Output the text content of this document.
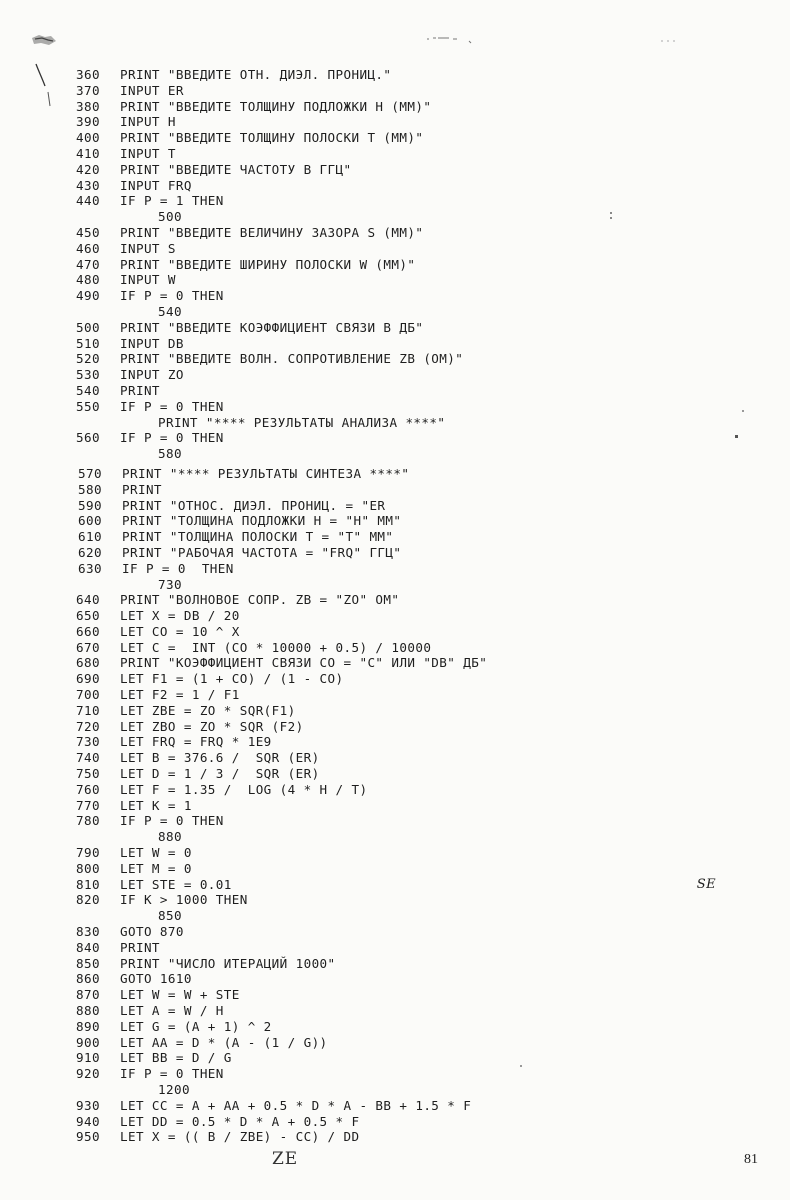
360	PRINT "ВВЕДИТЕ ОТН. ДИЭЛ. ПРОНИЦ."
370	INPUT ER
380	PRINT "ВВЕДИТЕ ТОЛЩИНУ ПОДЛОЖКИ H (MM)"
390	INPUT H
400	PRINT "ВВЕДИТЕ ТОЛЩИНУ ПОЛОСКИ T (MM)"
410	INPUT T
420	PRINT "ВВЕДИТЕ ЧАСТОТУ В ГГЦ"
430	INPUT FRQ
440	IF P = 1 THEN
500
450	PRINT "ВВЕДИТЕ ВЕЛИЧИНУ ЗАЗОРА S (MM)"
460	INPUT S
470	PRINT "ВВЕДИТЕ ШИРИНУ ПОЛОСКИ W (MM)"
480	INPUT W
490	IF P = 0 THEN
540
500	PRINT "ВВЕДИТЕ КОЭФФИЦИЕНТ СВЯЗИ В ДБ"
510	INPUT DB
520	PRINT "ВВЕДИТЕ ВОЛН. СОПРОТИВЛЕНИЕ ZB (ОМ)"
530	INPUT ZO
540	PRINT
550	IF P = 0 THEN
PRINT "**** РЕЗУЛЬТАТЫ АНАЛИЗА ****"
560	IF P = 0 THEN
580
570	PRINT "**** РЕЗУЛЬТАТЫ СИНТЕЗА ****"
580	PRINT
590	PRINT "ОТНОС. ДИЭЛ. ПРОНИЦ. = "ER
600	PRINT "ТОЛЩИНА ПОДЛОЖКИ H = "H" MM"
610	PRINT "ТОЛЩИНА ПОЛОСКИ T = "T" MM"
620	PRINT "РАБОЧАЯ ЧАСТОТА = "FRQ" ГГЦ"
630	IF P = 0  THEN
730
640	PRINT "ВОЛНОВОЕ СОПР. ZB = "ZO" ОМ"
650	LET X = DB / 20
660	LET CO = 10 ^ X
670	LET C =  INT (CO * 10000 + 0.5) / 10000
680	PRINT "КОЭФФИЦИЕНТ СВЯЗИ СО = "C" ИЛИ "DB" ДБ"
690	LET F1 = (1 + CO) / (1 - CO)
700	LET F2 = 1 / F1
710	LET ZBE = ZO * SQR(F1)
720	LET ZBO = ZO * SQR (F2)
730	LET FRQ = FRQ * 1E9
740	LET B = 376.6 /  SQR (ER)
750	LET D = 1 / 3 /  SQR (ER)
760	LET F = 1.35 /  LOG (4 * H / T)
770	LET K = 1
780	IF P = 0 THEN
880
790	LET W = 0
800	LET M = 0
810	LET STE = 0.01	SE
820	IF K > 1000 THEN
850
830	GOTO 870
840	PRINT
850	PRINT "ЧИСЛО ИТЕРАЦИЙ 1000"
860	GOTO 1610
870	LET W = W + STE
880	LET A = W / H
890	LET G = (A + 1) ^ 2
900	LET AA = D * (A - (1 / G))
910	LET BB = D / G
920	IF P = 0 THEN
1200
930	LET CC = A + AA + 0.5 * D * A - BB + 1.5 * F
940	LET DD = 0.5 * D * A + 0.5 * F
950	LET X = (( B / ZBE) - CC) / DD
ZE	81
